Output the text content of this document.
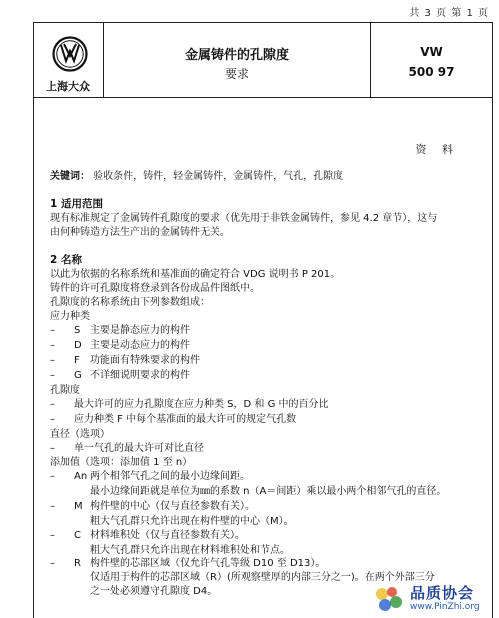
共 3 页 第 1 页
上海大众
金属铸件的孔隙度
要求
VW
500 97
资 料
关键词： 验收条件，铸件，轻金属铸件，金属铸件，气孔，孔隙度
1 适用范围
现有标准规定了金属铸件孔隙度的要求（优先用于非铁金属铸件，参见 4.2 章节），这与
由何种铸造方法生产出的金属铸件无关。
2 名称
以此为依据的名称系统和基准面的确定符合 VDG 说明书 P 201。
铸件的许可孔隙度将登录到各份成品件图纸中。
孔隙度的名称系统由下列参数组成：
应力种类
– S 主要是静态应力的构件
– D 主要是动态应力的构件
– F 功能面有特殊要求的构件
– G 不详细说明要求的构件
孔隙度
– 最大许可的应力孔隙度在应力种类 S，D 和 G 中的百分比
– 应力种类 F 中每个基准面的最大许可的规定气孔数
直径（选项）
– 单一气孔的最大许可对比直径
添加值（选项：添加值 1 至 n）
– An 两个相邻气孔之间的最小边缘间距。
最小边缘间距就是单位为㎜的系数 n（A＝间距）乘以最小两个相邻气孔的直径。
– M 构件壁的中心（仅与直径参数有关）。
粗大气孔群只允许出现在构件壁的中心（M）。
– C 材料堆积处（仅与直径参数有关）。
粗大气孔群只允许出现在材料堆积处和节点。
– R 构件壁的芯部区域（仅允许气孔等级 D10 至 D13）。
仅适用于构件的芯部区域（R）(所观察壁厚的内部三分之一)。在两个外部三分
之一处必须遵守孔隙度 D4。	品质协会
www.PinZhi.org
